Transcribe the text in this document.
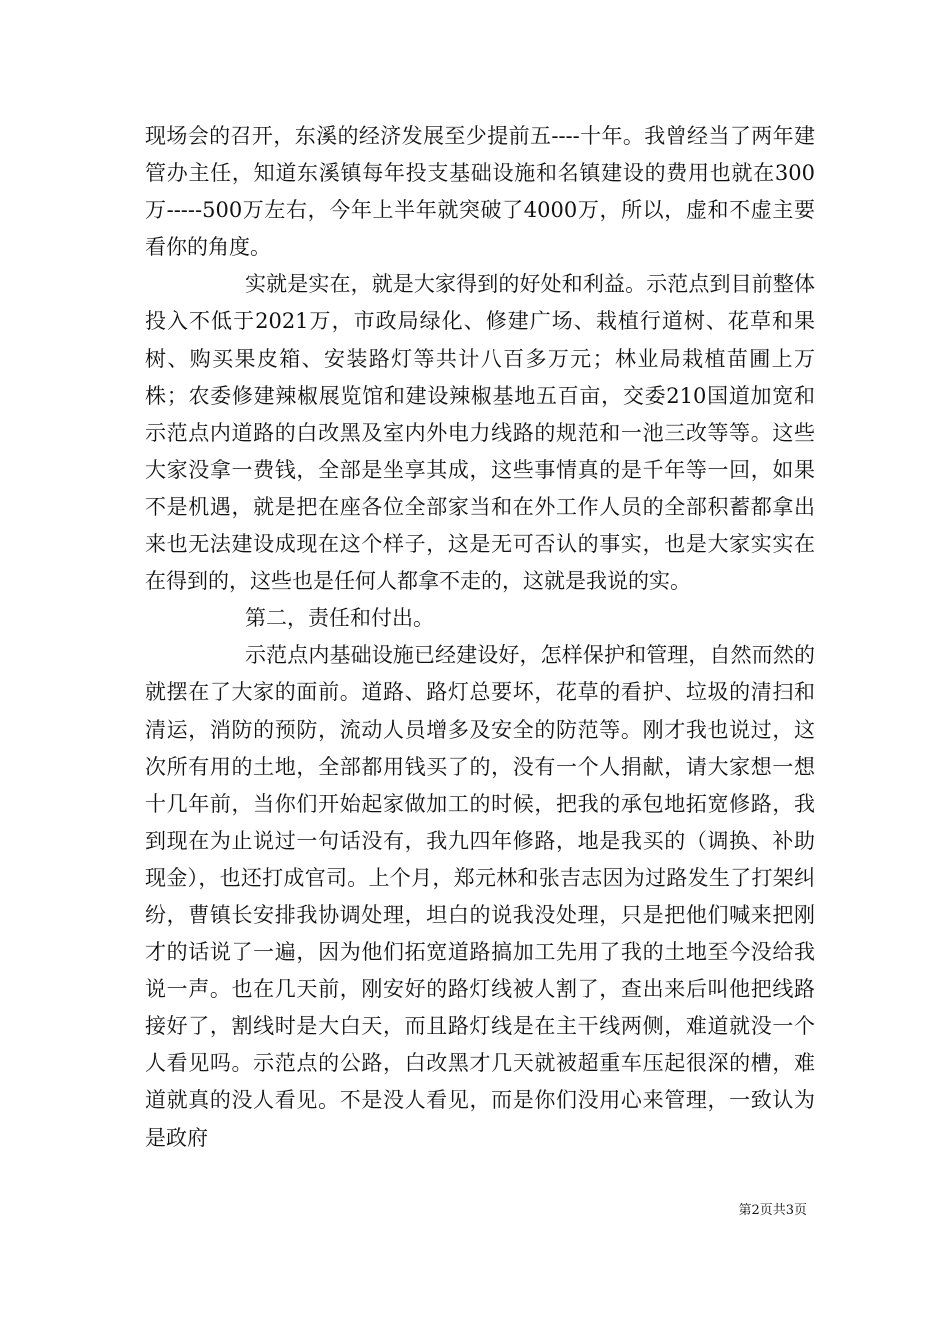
现场会的召开，东溪的经济发展至少提前五----十年。我曾经当了两年建管办主任，知道东溪镇每年投支基础设施和名镇建设的费用也就在300万-----500万左右，今年上半年就突破了4000万，所以，虚和不虚主要看你的角度。

实就是实在，就是大家得到的好处和利益。示范点到目前整体投入不低于2021万，市政局绿化、修建广场、栽植行道树、花草和果树、购买果皮箱、安装路灯等共计八百多万元；林业局栽植苗圃上万株；农委修建辣椒展览馆和建设辣椒基地五百亩，交委210国道加宽和示范点内道路的白改黑及室内外电力线路的规范和一池三改等等。这些大家没拿一费钱，全部是坐享其成，这些事情真的是千年等一回，如果不是机遇，就是把在座各位全部家当和在外工作人员的全部积蓄都拿出来也无法建设成现在这个样子，这是无可否认的事实，也是大家实实在在得到的，这些也是任何人都拿不走的，这就是我说的实。

第二，责任和付出。

示范点内基础设施已经建设好，怎样保护和管理，自然而然的就摆在了大家的面前。道路、路灯总要坏，花草的看护、垃圾的清扫和清运，消防的预防，流动人员增多及安全的防范等。刚才我也说过，这次所有用的土地，全部都用钱买了的，没有一个人捐献，请大家想一想十几年前，当你们开始起家做加工的时候，把我的承包地拓宽修路，我到现在为止说过一句话没有，我九四年修路，地是我买的（调换、补助现金），也还打成官司。上个月，郑元林和张吉志因为过路发生了打架纠纷，曹镇长安排我协调处理，坦白的说我没处理，只是把他们喊来把刚才的话说了一遍，因为他们拓宽道路搞加工先用了我的土地至今没给我说一声。也在几天前，刚安好的路灯线被人割了，查出来后叫他把线路接好了，割线时是大白天，而且路灯线是在主干线两侧，难道就没一个人看见吗。示范点的公路，白改黑才几天就被超重车压起很深的槽，难道就真的没人看见。不是没人看见，而是你们没用心来管理，一致认为是政府

第2页共3页
